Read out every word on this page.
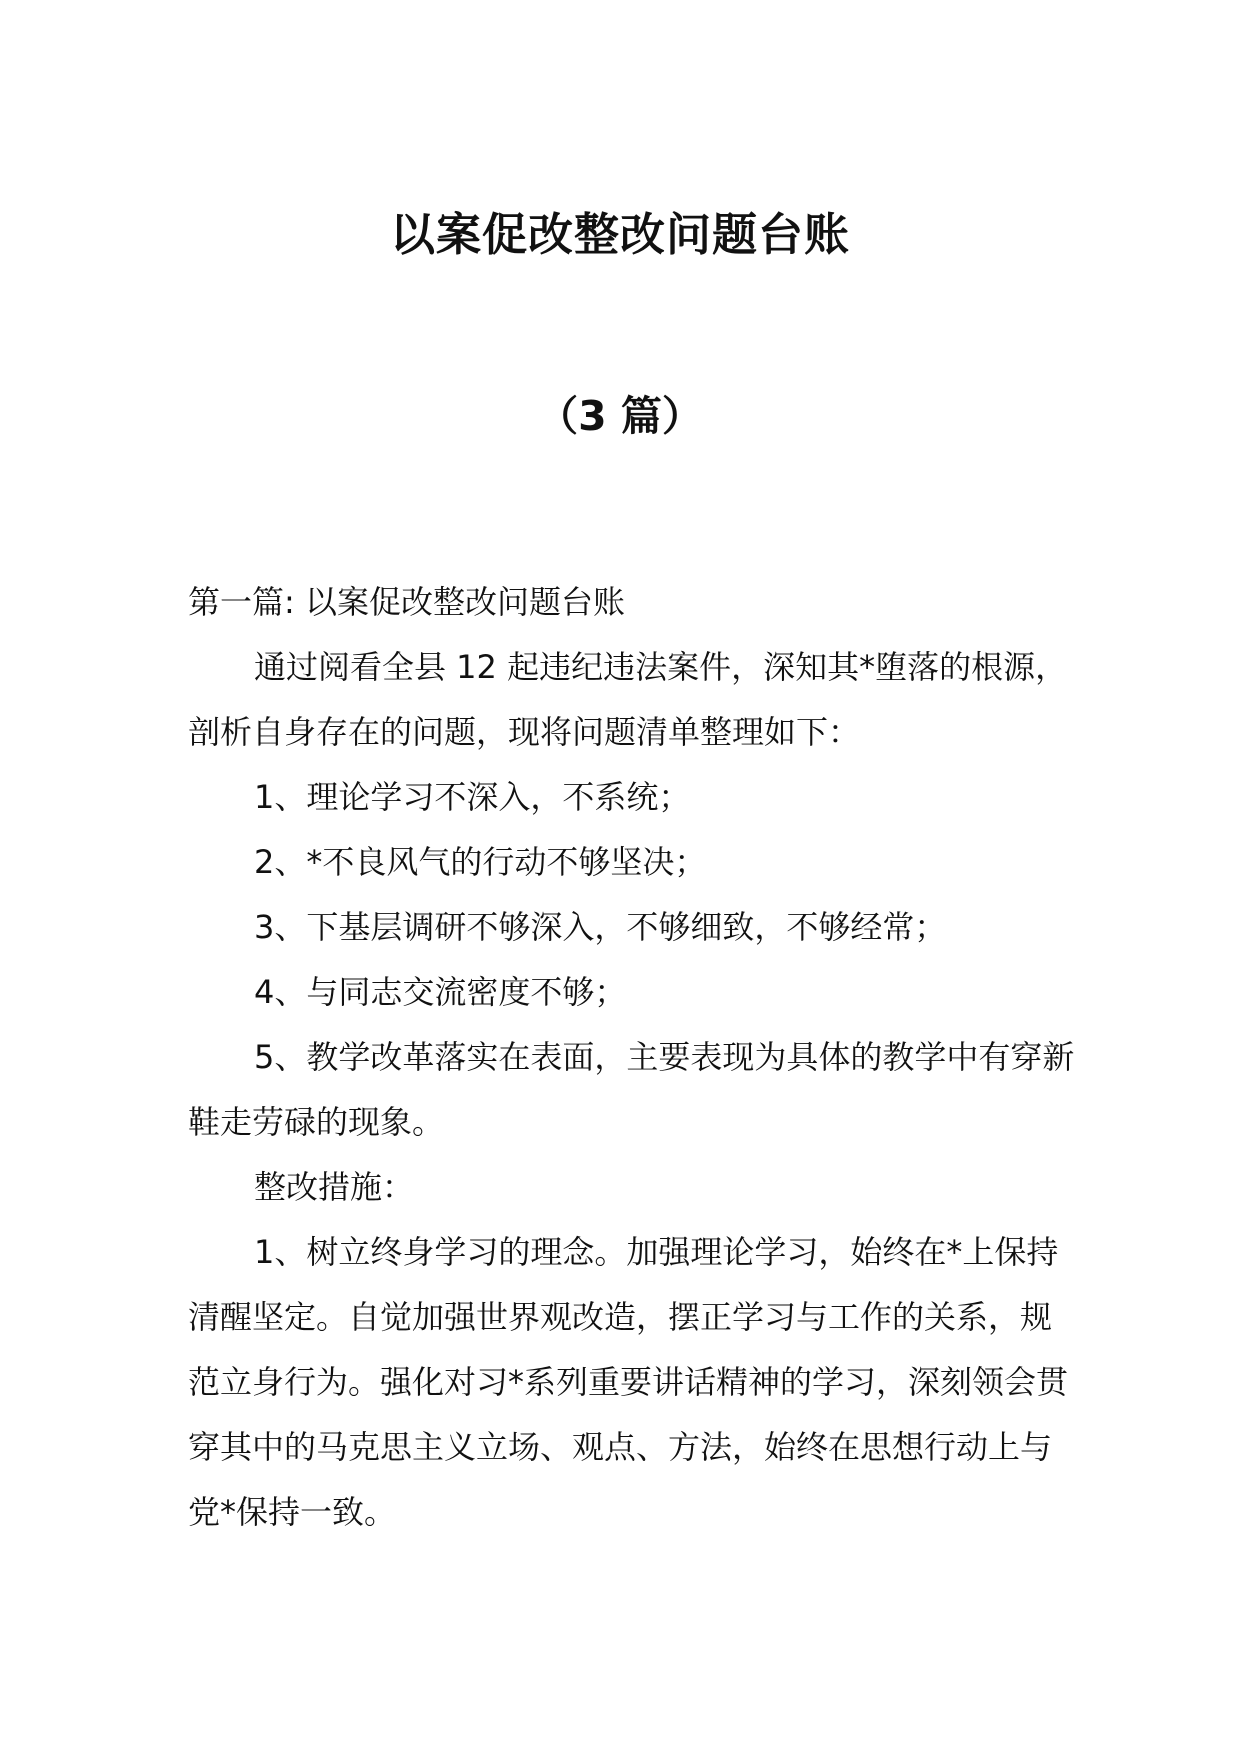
以案促改整改问题台账
（3 篇）

第一篇: 以案促改整改问题台账

通过阅看全县 12 起违纪违法案件，深知其*堕落的根源，剖析自身存在的问题，现将问题清单整理如下：

1、理论学习不深入，不系统；

2、*不良风气的行动不够坚决；

3、下基层调研不够深入，不够细致，不够经常；

4、与同志交流密度不够；

5、教学改革落实在表面，主要表现为具体的教学中有穿新鞋走劳碌的现象。

整改措施：

1、树立终身学习的理念。加强理论学习，始终在*上保持清醒坚定。自觉加强世界观改造，摆正学习与工作的关系，规范立身行为。强化对习*系列重要讲话精神的学习，深刻领会贯穿其中的马克思主义立场、观点、方法，始终在思想行动上与党*保持一致。
